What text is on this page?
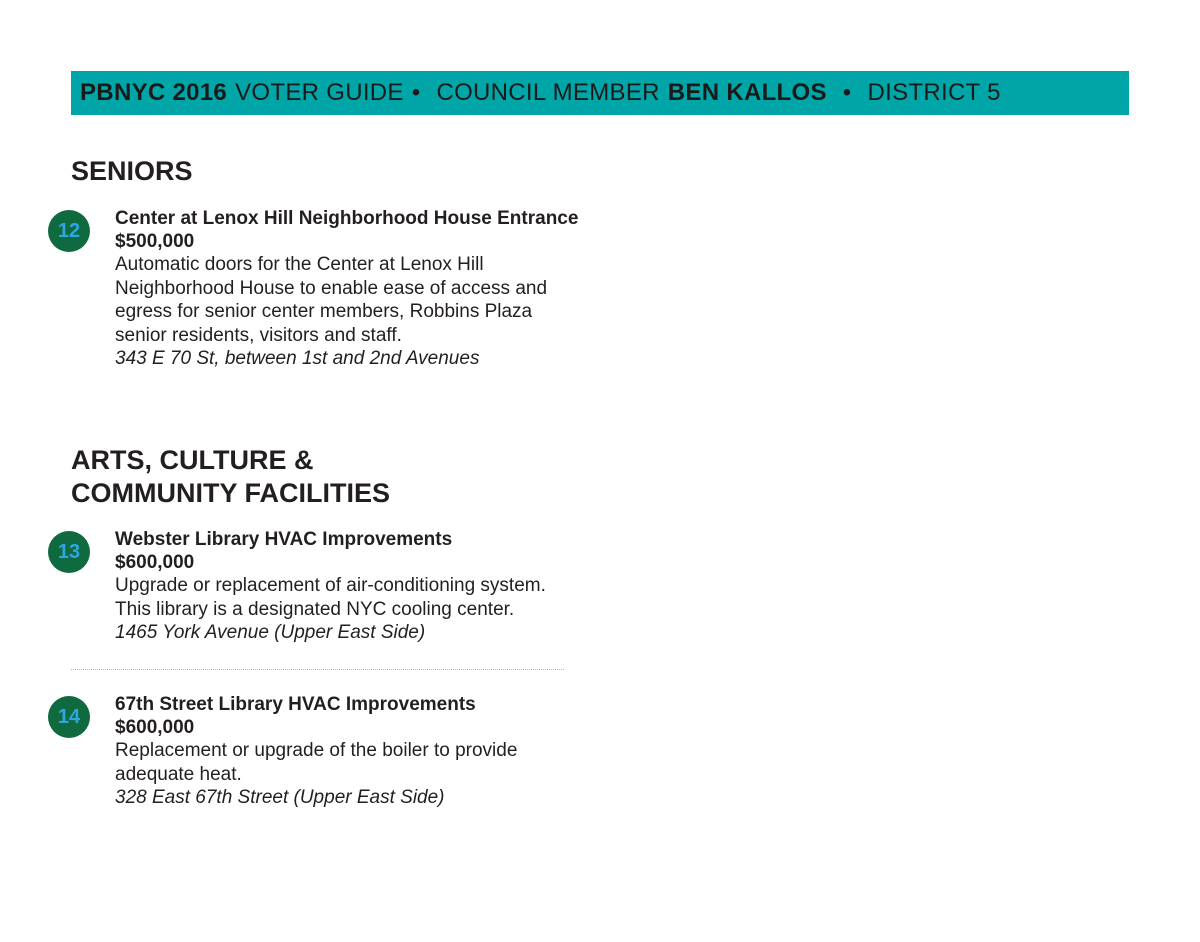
PBNYC 2016 VOTER GUIDE • COUNCIL MEMBER BEN KALLOS • DISTRICT 5
SENIORS
12
Center at Lenox Hill Neighborhood House Entrance
$500,000
Automatic doors for the Center at Lenox Hill Neighborhood House to enable ease of access and egress for senior center members, Robbins Plaza senior residents, visitors and staff.
343 E 70 St, between 1st and 2nd Avenues
ARTS, CULTURE &
COMMUNITY FACILITIES
13
Webster Library HVAC Improvements
$600,000
Upgrade or replacement of air-conditioning system. This library is a designated NYC cooling center.
1465 York Avenue (Upper East Side)
14
67th Street Library HVAC Improvements
$600,000
Replacement or upgrade of the boiler to provide adequate heat.
328 East 67th Street (Upper East Side)
